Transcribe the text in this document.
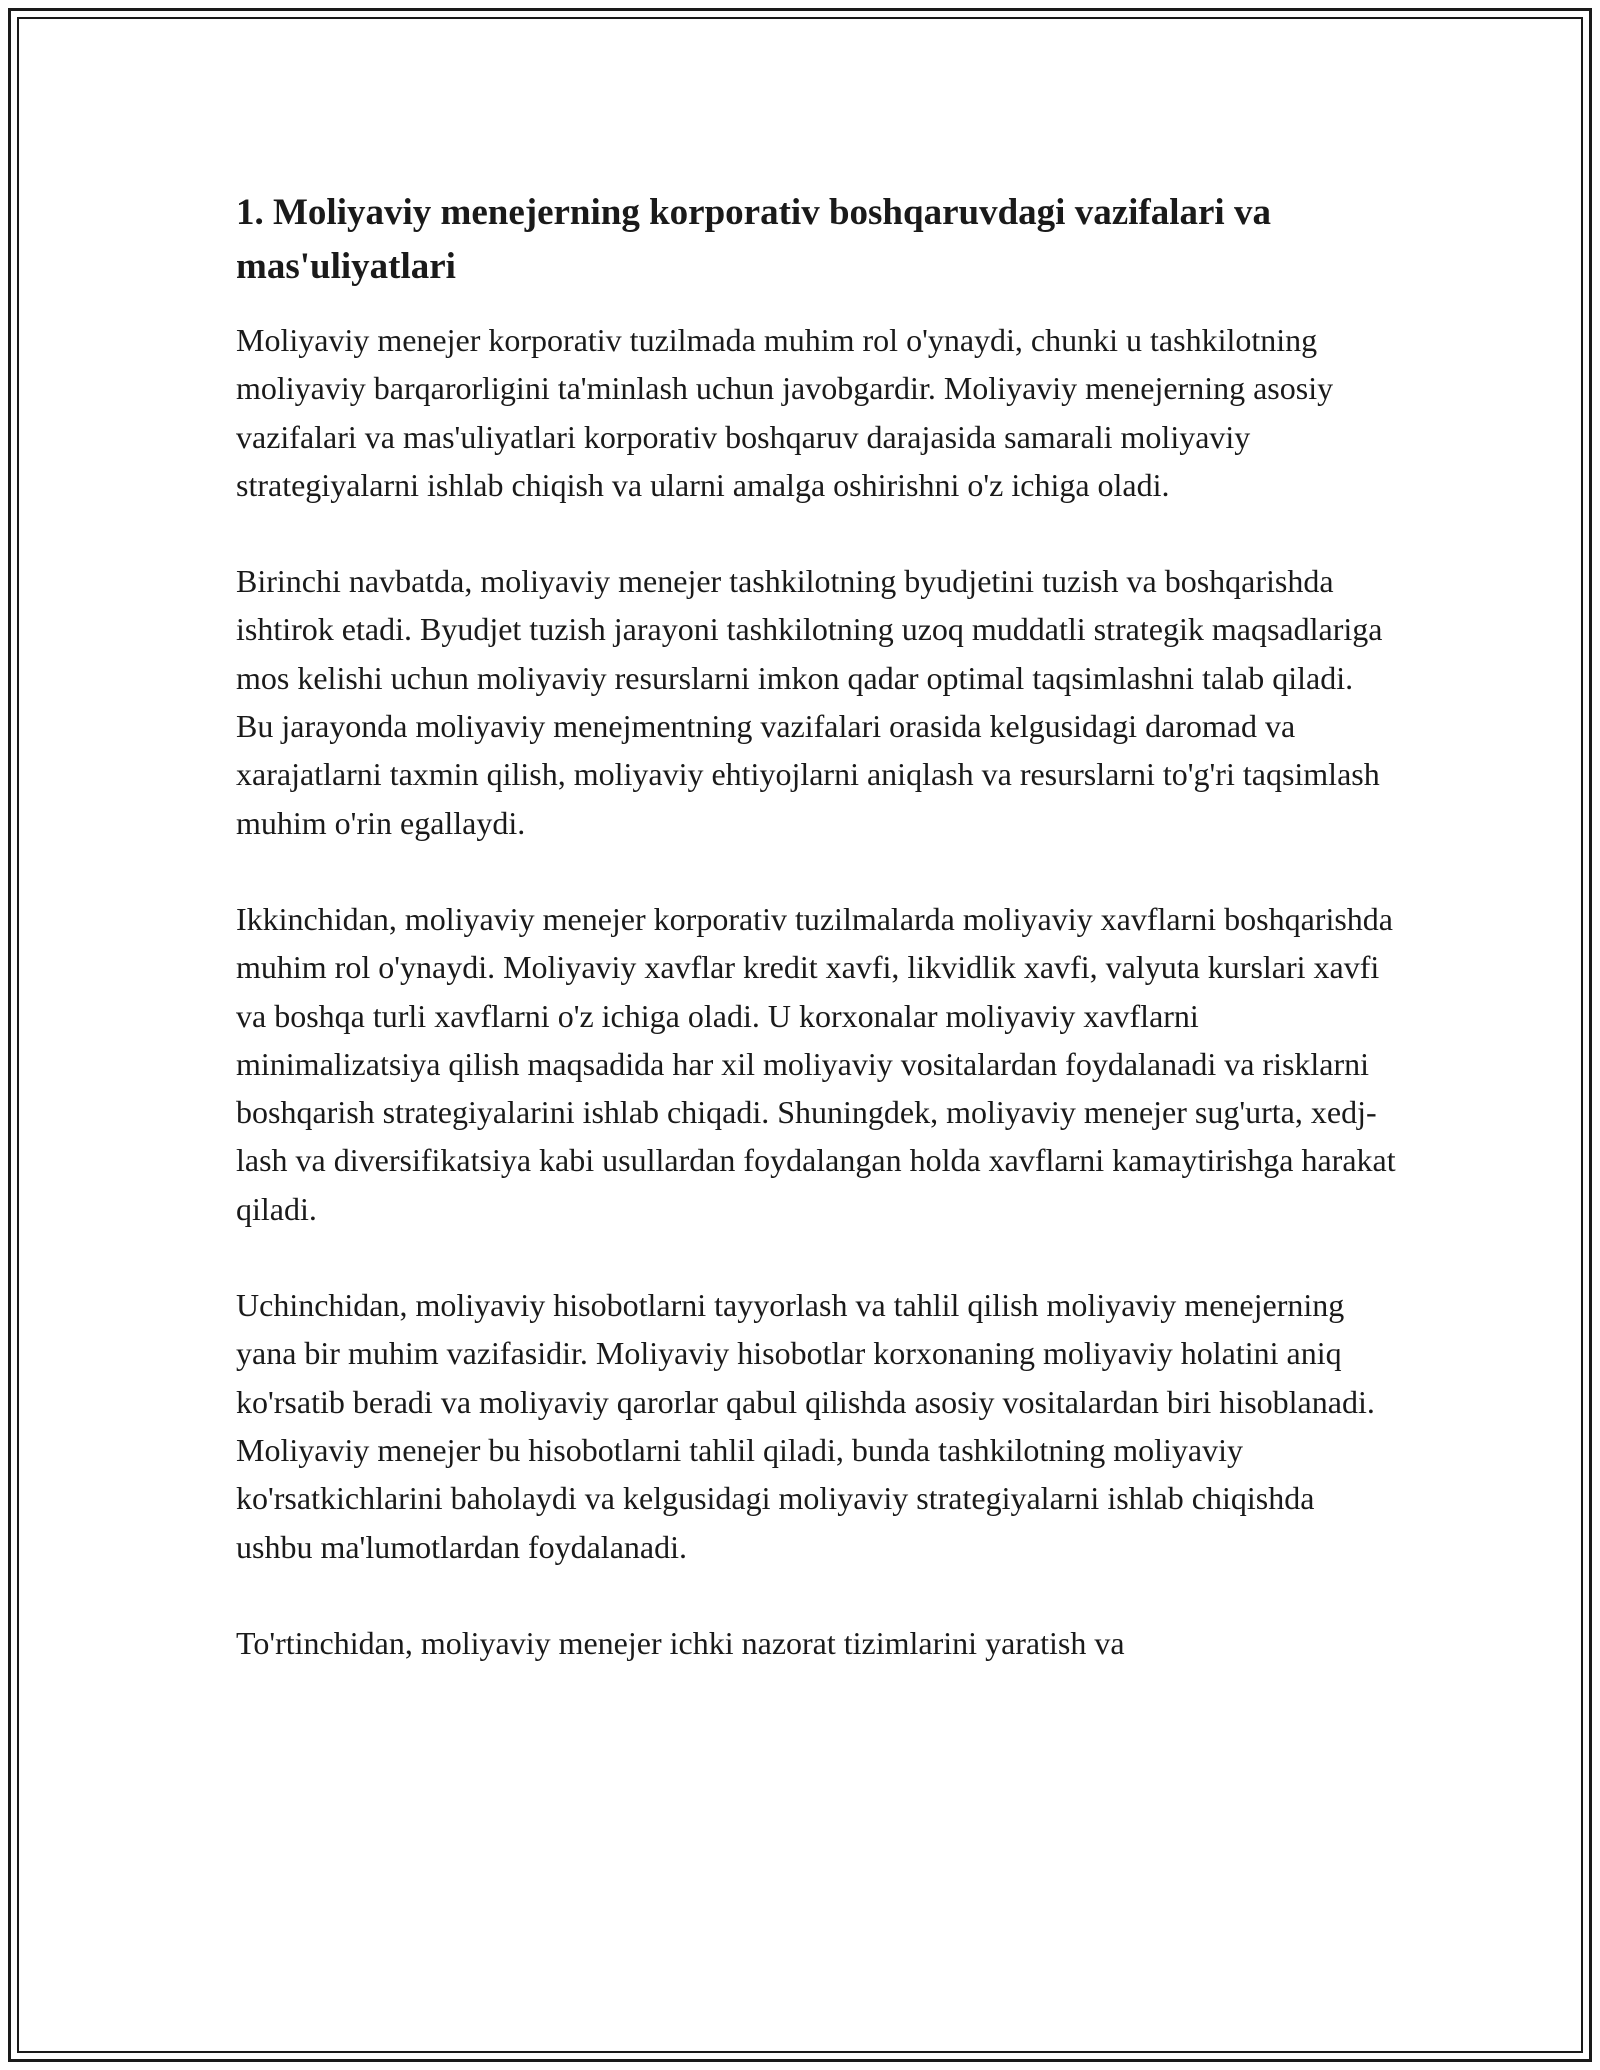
1. Moliyaviy menejerning korporativ boshqaruvdagi vazifalari va mas'uliyatlari

Moliyaviy menejer korporativ tuzilmada muhim rol o'ynaydi, chunki u tashkilotning moliyaviy barqarorligini ta'minlash uchun javobgardir. Moliyaviy menejerning asosiy vazifalari va mas'uliyatlari korporativ boshqaruv darajasida samarali moliyaviy strategiyalarni ishlab chiqish va ularni amalga oshirishni o'z ichiga oladi.

Birinchi navbatda, moliyaviy menejer tashkilotning byudjetini tuzish va boshqarishda ishtirok etadi. Byudjet tuzish jarayoni tashkilotning uzoq muddatli strategik maqsadlariga mos kelishi uchun moliyaviy resurslarni imkon qadar optimal taqsimlashni talab qiladi. Bu jarayonda moliyaviy menejmentning vazifalari orasida kelgusidagi daromad va xarajatlarni taxmin qilish, moliyaviy ehtiyojlarni aniqlash va resurslarni to'g'ri taqsimlash muhim o'rin egallaydi.

Ikkinchidan, moliyaviy menejer korporativ tuzilmalarda moliyaviy xavflarni boshqarishda muhim rol o'ynaydi. Moliyaviy xavflar kredit xavfi, likvidlik xavfi, valyuta kurslari xavfi va boshqa turli xavflarni o'z ichiga oladi. U korxonalar moliyaviy xavflarni minimalizatsiya qilish maqsadida har xil moliyaviy vositalardan foydalanadi va risklarni boshqarish strategiyalarini ishlab chiqadi. Shuningdek, moliyaviy menejer sug'urta, xedj-lash va diversifikatsiya kabi usullardan foydalangan holda xavflarni kamaytirishga harakat qiladi.

Uchinchidan, moliyaviy hisobotlarni tayyorlash va tahlil qilish moliyaviy menejerning yana bir muhim vazifasidir. Moliyaviy hisobotlar korxonaning moliyaviy holatini aniq ko'rsatib beradi va moliyaviy qarorlar qabul qilishda asosiy vositalardan biri hisoblanadi. Moliyaviy menejer bu hisobotlarni tahlil qiladi, bunda tashkilotning moliyaviy ko'rsatkichlarini baholaydi va kelgusidagi moliyaviy strategiyalarni ishlab chiqishda ushbu ma'lumotlardan foydalanadi.

To'rtinchidan, moliyaviy menejer ichki nazorat tizimlarini yaratish va
